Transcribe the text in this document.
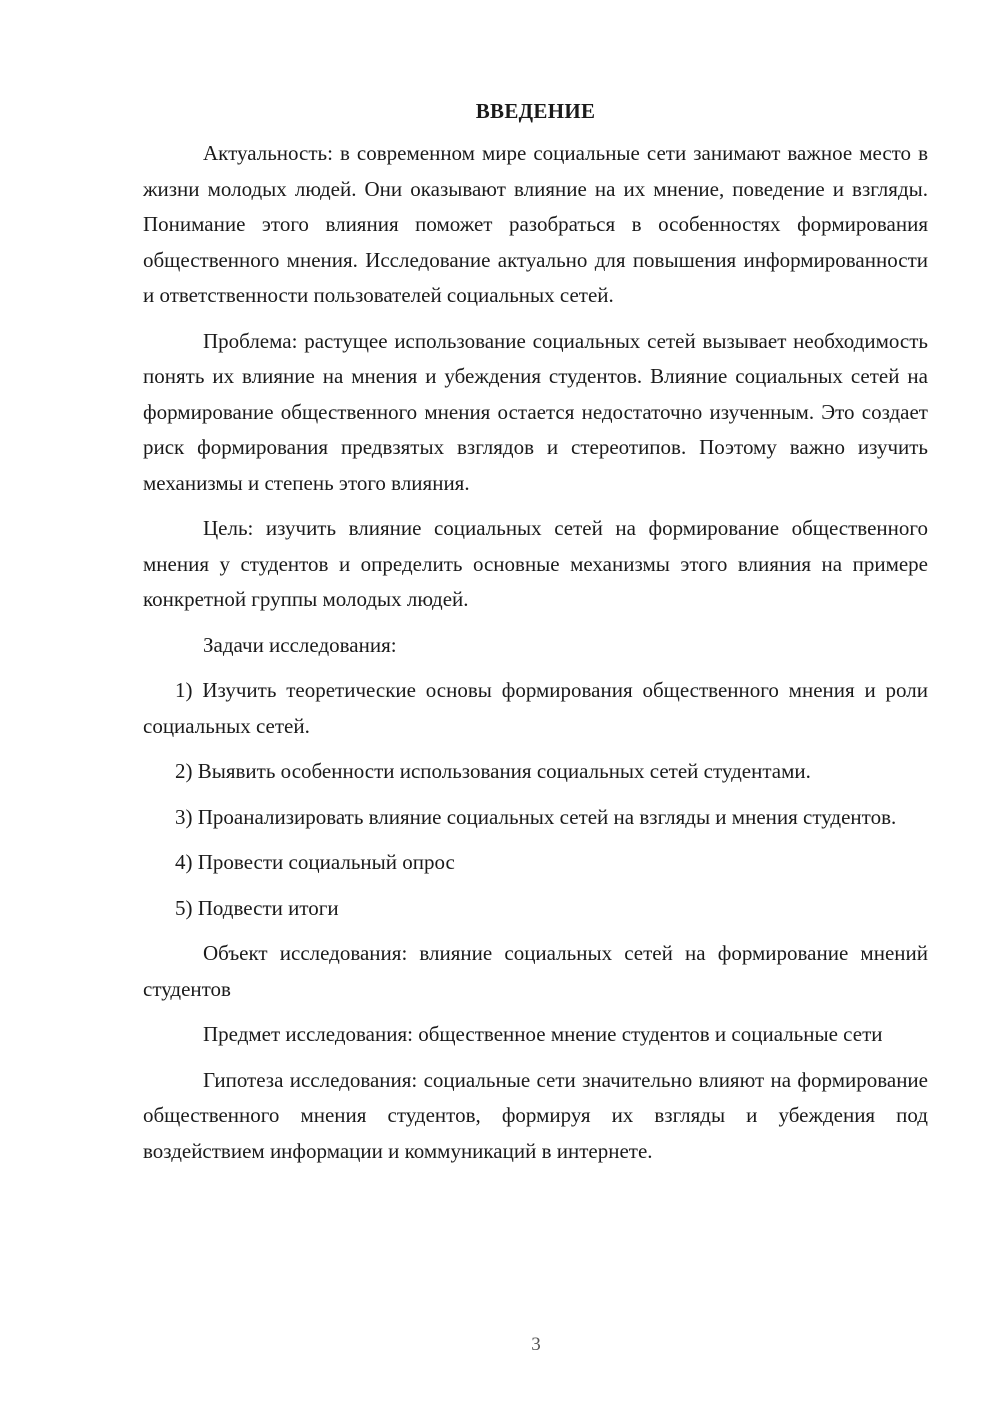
ВВЕДЕНИЕ

Актуальность: в современном мире социальные сети занимают важное место в жизни молодых людей. Они оказывают влияние на их мнение, поведение и взгляды. Понимание этого влияния поможет разобраться в особенностях формирования общественного мнения. Исследование актуально для повышения информированности и ответственности пользователей социальных сетей.

Проблема: растущее использование социальных сетей вызывает необходимость понять их влияние на мнения и убеждения студентов. Влияние социальных сетей на формирование общественного мнения остается недостаточно изученным. Это создает риск формирования предвзятых взглядов и стереотипов. Поэтому важно изучить механизмы и степень этого влияния.

Цель: изучить влияние социальных сетей на формирование общественного мнения у студентов и определить основные механизмы этого влияния на примере конкретной группы молодых людей.

Задачи исследования:

1) Изучить теоретические основы формирования общественного мнения и роли социальных сетей.

2) Выявить особенности использования социальных сетей студентами.

3) Проанализировать влияние социальных сетей на взгляды и мнения студентов.

4) Провести социальный опрос

5) Подвести итоги

Объект исследования: влияние социальных сетей на формирование мнений студентов

Предмет исследования: общественное мнение студентов и социальные сети

Гипотеза исследования: социальные сети значительно влияют на формирование общественного мнения студентов, формируя их взгляды и убеждения под воздействием информации и коммуникаций в интернете.

3
